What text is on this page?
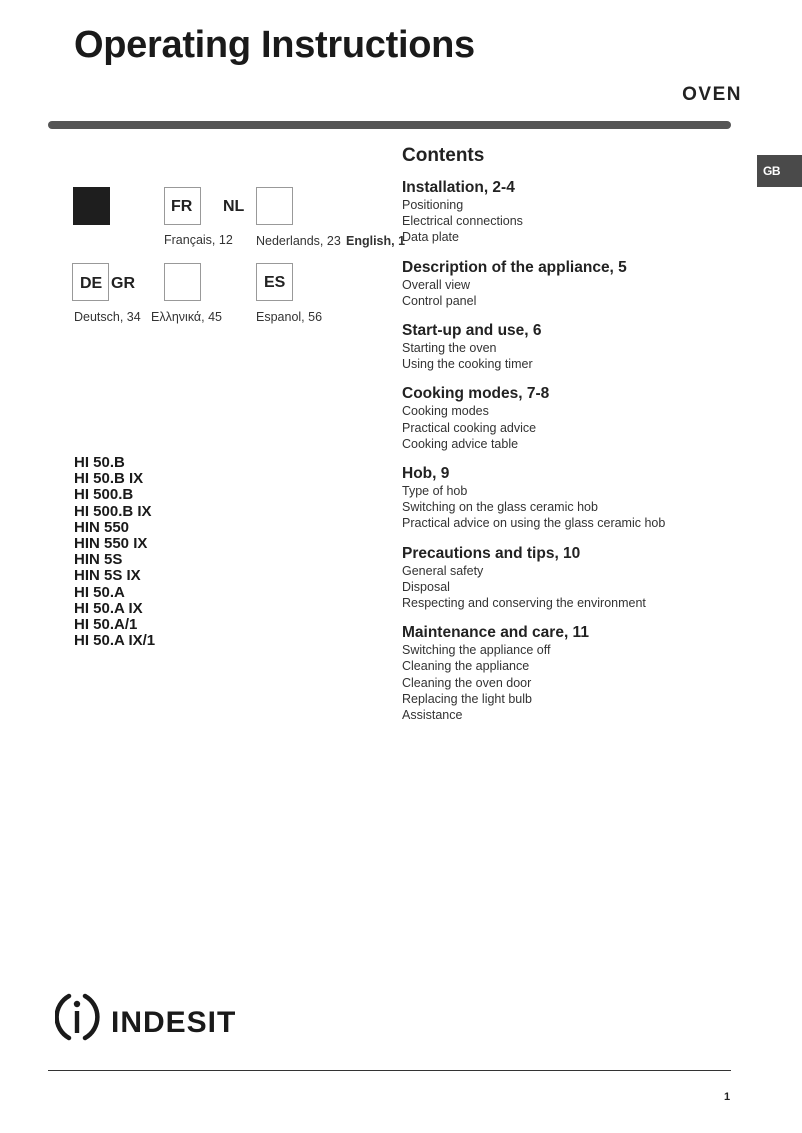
Operating Instructions
OVEN
GB
FR NL
Français, 12 Nederlands, 23 English, 1
DE GR	ES
Deutsch, 34 Ελληνικά, 45	Espanol, 56
HI 50.B
HI 50.B IX
HI 500.B
HI 500.B IX
HIN 550
HIN 550 IX
HIN 5S
HIN 5S IX
HI 50.A
HI 50.A IX
HI 50.A/1
HI 50.A IX/1
Contents
Installation, 2-4
Positioning
Electrical connections
Data plate
Description of the appliance, 5
Overall view
Control panel
Start-up and use, 6
Starting the oven
Using the cooking timer
Cooking modes, 7-8
Cooking modes
Practical cooking advice
Cooking advice table
Hob, 9
Type of hob
Switching on the glass ceramic hob
Practical advice on using the glass ceramic hob
Precautions and tips, 10
General safety
Disposal
Respecting and conserving the environment
Maintenance and care, 11
Switching the appliance off
Cleaning the appliance
Cleaning the oven door
Replacing the light bulb
Assistance
INDESIT
1
